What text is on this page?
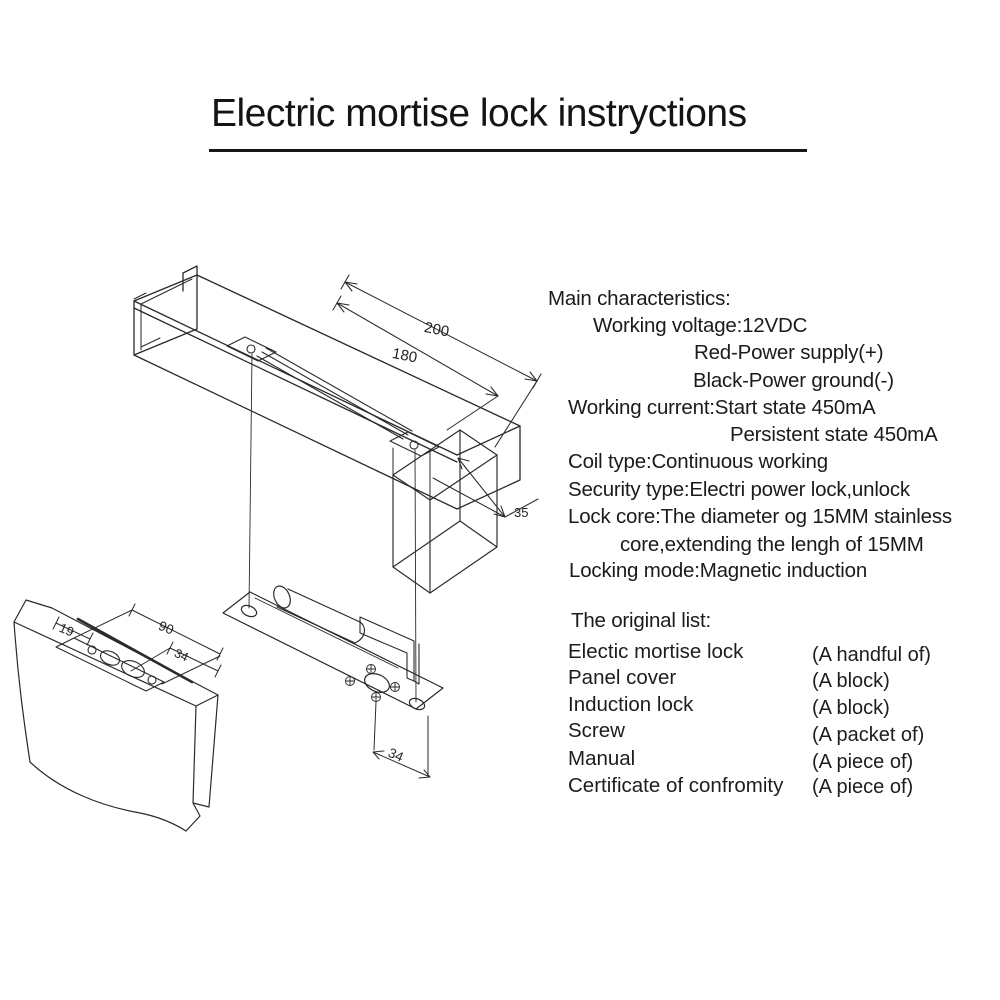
Electric mortise lock instryctions
200
180
35
19	90
34
34
Main characteristics:
Working voltage:12VDC
Red-Power supply(+)
Black-Power ground(-)
Working current:Start state 450mA
Persistent state 450mA
Coil type:Continuous working
Security type:Electri power lock,unlock
Lock core:The diameter og 15MM stainless
core,extending the lengh of 15MM
Locking mode:Magnetic induction
The original list:
Electic mortise lock	(A handful of)
Panel cover	(A block)
Induction lock	(A block)
Screw	(A packet of)
Manual	(A piece of)
Certificate of confromity (A piece of)
